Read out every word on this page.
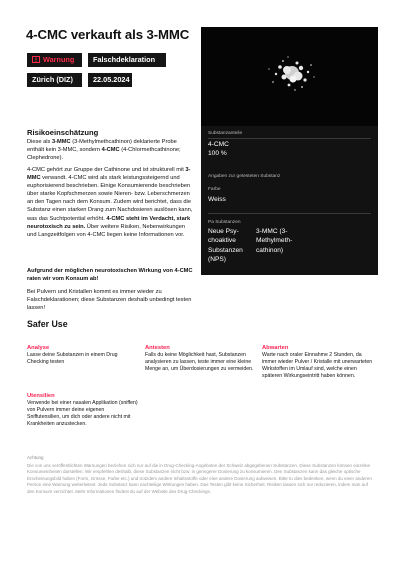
4-CMC verkauft als 3-MMC
Warnung	Falschdeklaration
Zürich (DIZ)	22.05.2024
Substanzanteile
4-CMC
100 %
Angaben zur getesteten Substanz
Farbe
Weiss
Pa Substanzen
Neue Psy-choaktive Substanzen (NPS)
3-MMC (3-Methylmeth-cathinon)
Risikoeinschätzung
Diese als 3-MMC (3-Methylmethcathinon) deklarierte Probe enthält kein 3-MMC, sondern 4-CMC (4-Chlormethcathinone; Clephedrone).
4-CMC gehört zur Gruppe der Cathinone und ist strukturell mit 3-MMC verwandt. 4-CMC wird als stark leistungssteigernd und euphorisierend beschrieben. Einige Konsumierende beschrieben über starke Kopfschmerzen sowie Nieren- bzw. Leberschmerzen an den Tagen nach dem Konsum. Zudem wird berichtet, dass die Substanz einen starken Drang zum Nachdosieren auslösen kann, was das Suchtpotential erhöht. 4-CMC steht im Verdacht, stark neurotoxisch zu sein. Über weitere Risiken, Nebenwirkungen und Langzeitfolgen von 4-CMC liegen keine Informationen vor.
Aufgrund der möglichen neurotoxischen Wirkung von 4-CMC raten wir vom Konsum ab!
Bei Pulvern und Kristallen kommt es immer wieder zu Falschdeklarationen; diese Substanzen deshalb unbedingt testen lassen!
Safer Use
Analyse
Lasse deine Substanzen in einem Drug Checking testen
Antesten
Falls du keine Möglichkeit hast, Substanzen analysieren zu lassen, teste immer eine kleine Menge an, um Überdosierungen zu vermeiden.
Abwarten
Warte nach oraler Einnahme 2 Stunden, da immer wieder Pulver / Kristalle mit unerwarteten Wirkstoffen im Umlauf sind, welche einen späteren Wirkungseintritt haben können.
Utensilien
Verwende bei einer nasalen Applikation (sniffen) von Pulvern immer deine eigenen Sniffutensilien, um dich oder andere nicht mit Krankheiten anzustecken.
Achtung
Die von uns veröffentlichten Warnungen beziehen sich nur auf die in Drug-Checking-Angeboten der Schweiz abgegebenen Substanzen. Diese Substanzen können einzelne Konsumeinheiten darstellen. Wir empfehlen deshalb, diese Substanzen nicht bzw. in geringerer Dosierung zu konsumieren. Den Substanzen kann das gleiche optische Erscheinungsbild haben (Form, Grösse, Farbe etc.) und trotzdem andere Inhaltsstoffe oder eine andere Dosierung aufweisen. Bitte tu dies bedenken, wenn du einer anderen Person eine Warnung weiterleitest. Jede Substanz kann nachteilige Wirkungen haben. Das Testen gibt keine Sicherheit. Risiken lassen sich nur reduzieren, indem man auf den Konsum verzichtet. Mehr Informationen findest du auf der Website des Drug-Checkings.
